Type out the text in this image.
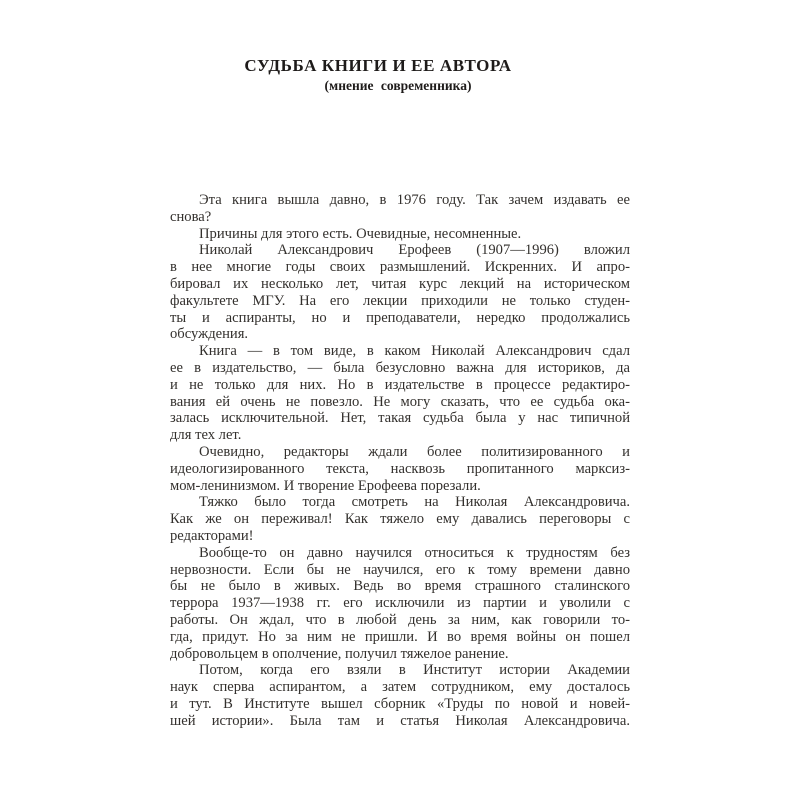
СУДЬБА КНИГИ И ЕЕ АВТОРА
(мнение современника)
Эта книга вышла давно, в 1976 году. Так зачем издавать ее
снова?
Причины для этого есть. Очевидные, несомненные.
Николай Александрович Ерофеев (1907—1996) вложил
в нее многие годы своих размышлений. Искренних. И апро-
бировал их несколько лет, читая курс лекций на историческом
факультете МГУ. На его лекции приходили не только студен-
ты и аспиранты, но и преподаватели, нередко продолжались
обсуждения.
Книга — в том виде, в каком Николай Александрович сдал
ее в издательство, — была безусловно важна для историков, да
и не только для них. Но в издательстве в процессе редактиро-
вания ей очень не повезло. Не могу сказать, что ее судьба ока-
залась исключительной. Нет, такая судьба была у нас типичной
для тех лет.
Очевидно, редакторы ждали более политизированного и
идеологизированного текста, насквозь пропитанного марксиз-
мом-ленинизмом. И творение Ерофеева порезали.
Тяжко было тогда смотреть на Николая Александровича.
Как же он переживал! Как тяжело ему давались переговоры с
редакторами!
Вообще-то он давно научился относиться к трудностям без
нервозности. Если бы не научился, его к тому времени давно
бы не было в живых. Ведь во время страшного сталинского
террора 1937—1938 гг. его исключили из партии и уволили с
работы. Он ждал, что в любой день за ним, как говорили то-
гда, придут. Но за ним не пришли. И во время войны он пошел
добровольцем в ополчение, получил тяжелое ранение.
Потом, когда его взяли в Институт истории Академии
наук сперва аспирантом, а затем сотрудником, ему досталось
и тут. В Институте вышел сборник «Труды по новой и новей-
шей истории». Была там и статья Николая Александровича.
